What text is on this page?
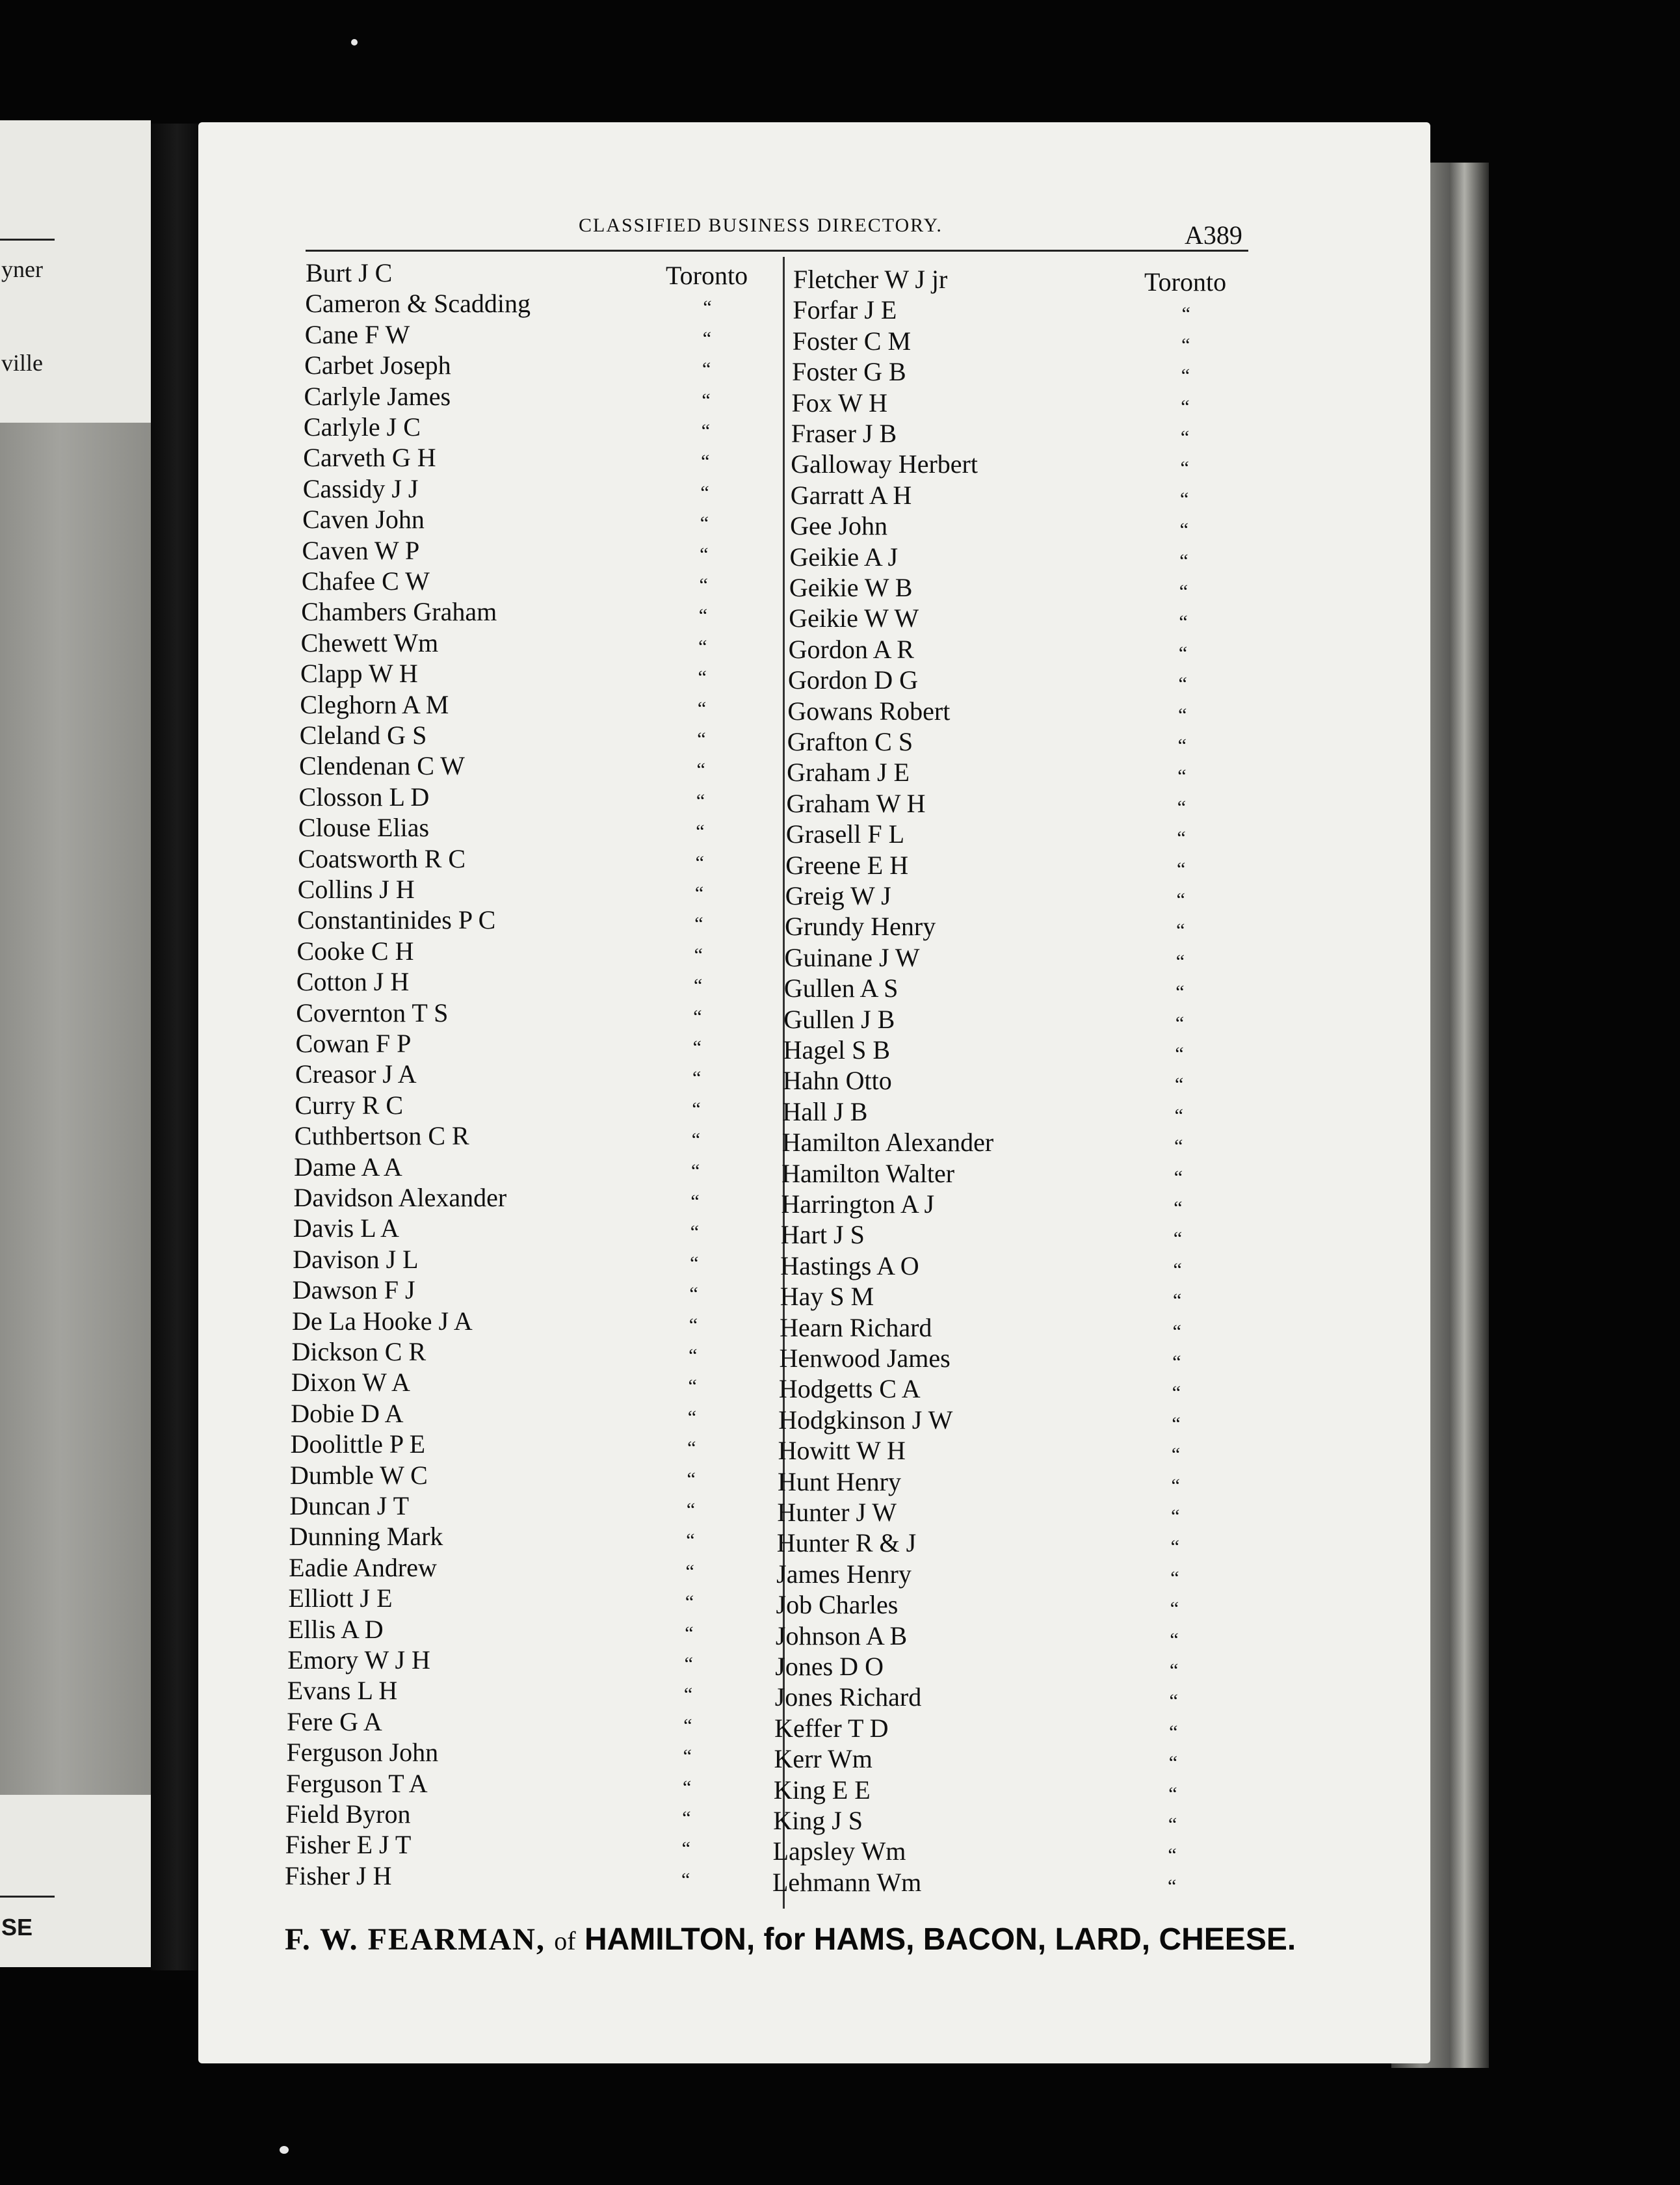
yner
ville
SE
CLASSIFIED BUSINESS DIRECTORY.	A389
Burt J C	Toronto
Cameron & Scadding	“
Cane F W	“
Carbet Joseph	“
Carlyle James	“
Carlyle J C	“
Carveth G H	“
Cassidy J J	“
Caven John	“
Caven W P	“
Chafee C W	“
Chambers Graham	“
Chewett Wm	“
Clapp W H	“
Cleghorn A M	“
Cleland G S	“
Clendenan C W	“
Closson L D	“
Clouse Elias	“
Coatsworth R C	“
Collins J H	“
Constantinides P C	“
Cooke C H	“
Cotton J H	“
Covernton T S	“
Cowan F P	“
Creasor J A	“
Curry R C	“
Cuthbertson C R	“
Dame A A	“
Davidson Alexander	“
Davis L A	“
Davison J L	“
Dawson F J	“
De La Hooke J A	“
Dickson C R	“
Dixon W A	“
Dobie D A	“
Doolittle P E	“
Dumble W C	“
Duncan J T	“
Dunning Mark	“
Eadie Andrew	“
Elliott J E	“
Ellis A D	“
Emory W J H	“
Evans L H	“
Fere G A	“
Ferguson John	“
Ferguson T A	“
Field Byron	“
Fisher E J T	“
Fisher J H	“
Fletcher W J jr	Toronto
Forfar J E	“
Foster C M	“
Foster G B	“
Fox W H	“
Fraser J B	“
Galloway Herbert	“
Garratt A H	“
Gee John	“
Geikie A J	“
Geikie W B	“
Geikie W W	“
Gordon A R	“
Gordon D G	“
Gowans Robert	“
Grafton C S	“
Graham J E	“
Graham W H	“
Grasell F L	“
Greene E H	“
Greig W J	“
Grundy Henry	“
Guinane J W	“
Gullen A S	“
Gullen J B	“
Hagel S B	“
Hahn Otto	“
Hall J B	“
Hamilton Alexander	“
Hamilton Walter	“
Harrington A J	“
Hart J S	“
Hastings A O	“
Hay S M	“
Hearn Richard	“
Henwood James	“
Hodgetts C A	“
Hodgkinson J W	“
Howitt W H	“
Hunt Henry	“
Hunter J W	“
Hunter R & J	“
James Henry	“
Job Charles	“
Johnson A B	“
Jones D O	“
Jones Richard	“
Keffer T D	“
Kerr Wm	“
King E E	“
King J S	“
Lapsley Wm	“
Lehmann Wm	“
F. W. FEARMAN, of HAMILTON, for HAMS, BACON, LARD, CHEESE.
